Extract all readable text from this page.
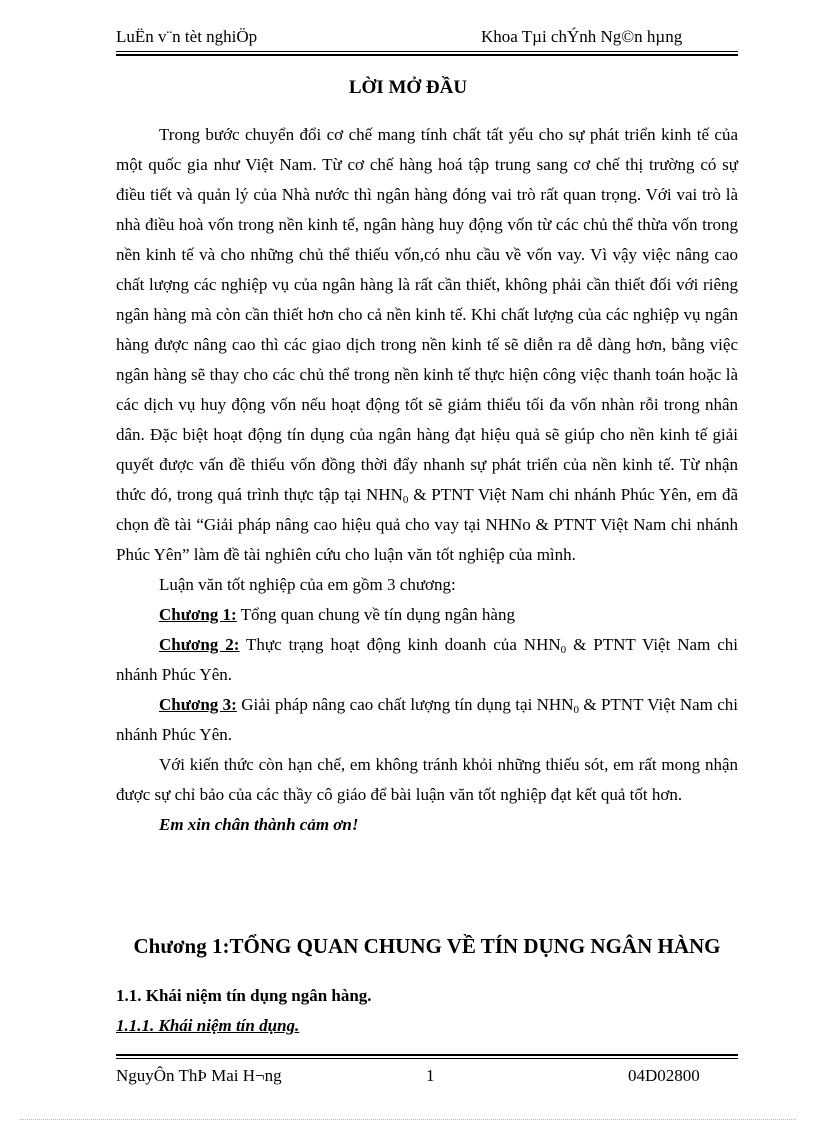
LuËn v¨n tèt nghiÖp	Khoa Tµi chÝnh Ng©n hµng
LỜI MỞ ĐẦU

Trong bước chuyển đổi cơ chế mang tính chất tất yếu cho sự phát triển kinh tế của một quốc gia như Việt Nam. Từ cơ chế hàng hoá tập trung sang cơ chế thị trường có sự điều tiết và quản lý của Nhà nước thì ngân hàng đóng vai trò rất quan trọng. Với vai trò là nhà điều hoà vốn trong nền kinh tế, ngân hàng huy động vốn từ các chủ thể thừa vốn trong nền kinh tế và cho những chủ thể thiếu vốn,có nhu cầu về vốn vay. Vì vậy việc nâng cao chất lượng các nghiệp vụ của ngân hàng là rất cần thiết, không phải cần thiết đối với riêng ngân hàng mà còn cần thiết hơn cho cả nền kinh tế. Khi chất lượng của các nghiệp vụ ngân hàng được nâng cao thì các giao dịch trong nền kinh tế sẽ diễn ra dễ dàng hơn, bằng việc ngân hàng sẽ thay cho các chủ thể trong nền kinh tế thực hiện công việc thanh toán hoặc là các dịch vụ huy động vốn nếu hoạt động tốt sẽ giảm thiểu tối đa vốn nhàn rỗi trong nhân dân. Đặc biệt hoạt động tín dụng của ngân hàng đạt hiệu quả sẽ giúp cho nền kinh tế giải quyết được vấn đề thiếu vốn đồng thời đẩy nhanh sự phát triển của nền kinh tế. Từ nhận thức đó, trong quá trình thực tập tại $NHN_0$ & PTNT Việt Nam chi nhánh Phúc Yên, em đã chọn đề tài “Giải pháp nâng cao hiệu quả cho vay tại NHNo & PTNT Việt Nam chi nhánh Phúc Yên” làm đề tài nghiên cứu cho luận văn tốt nghiệp của mình.

Luận văn tốt nghiệp của em gồm 3 chương:

Chương 1: Tổng quan chung về tín dụng ngân hàng

Chương 2: Thực trạng hoạt động kinh doanh của $NHN_0$ & PTNT Việt Nam chi nhánh Phúc Yên.

Chương 3: Giải pháp nâng cao chất lượng tín dụng tại $NHN_0$ & PTNT Việt Nam chi nhánh Phúc Yên.

Với kiến thức còn hạn chế, em không tránh khỏi những thiếu sót, em rất mong nhận được sự chỉ bảo của các thầy cô giáo để bài luận văn tốt nghiệp đạt kết quả tốt hơn.

Em xin chân thành cảm ơn!

Chương 1:TỔNG QUAN CHUNG VỀ TÍN DỤNG NGÂN HÀNG
1.1. Khái niệm tín dụng ngân hàng.
1.1.1. Khái niệm tín dụng.
NguyÔn ThÞ Mai H¬ng	1	04D02800
